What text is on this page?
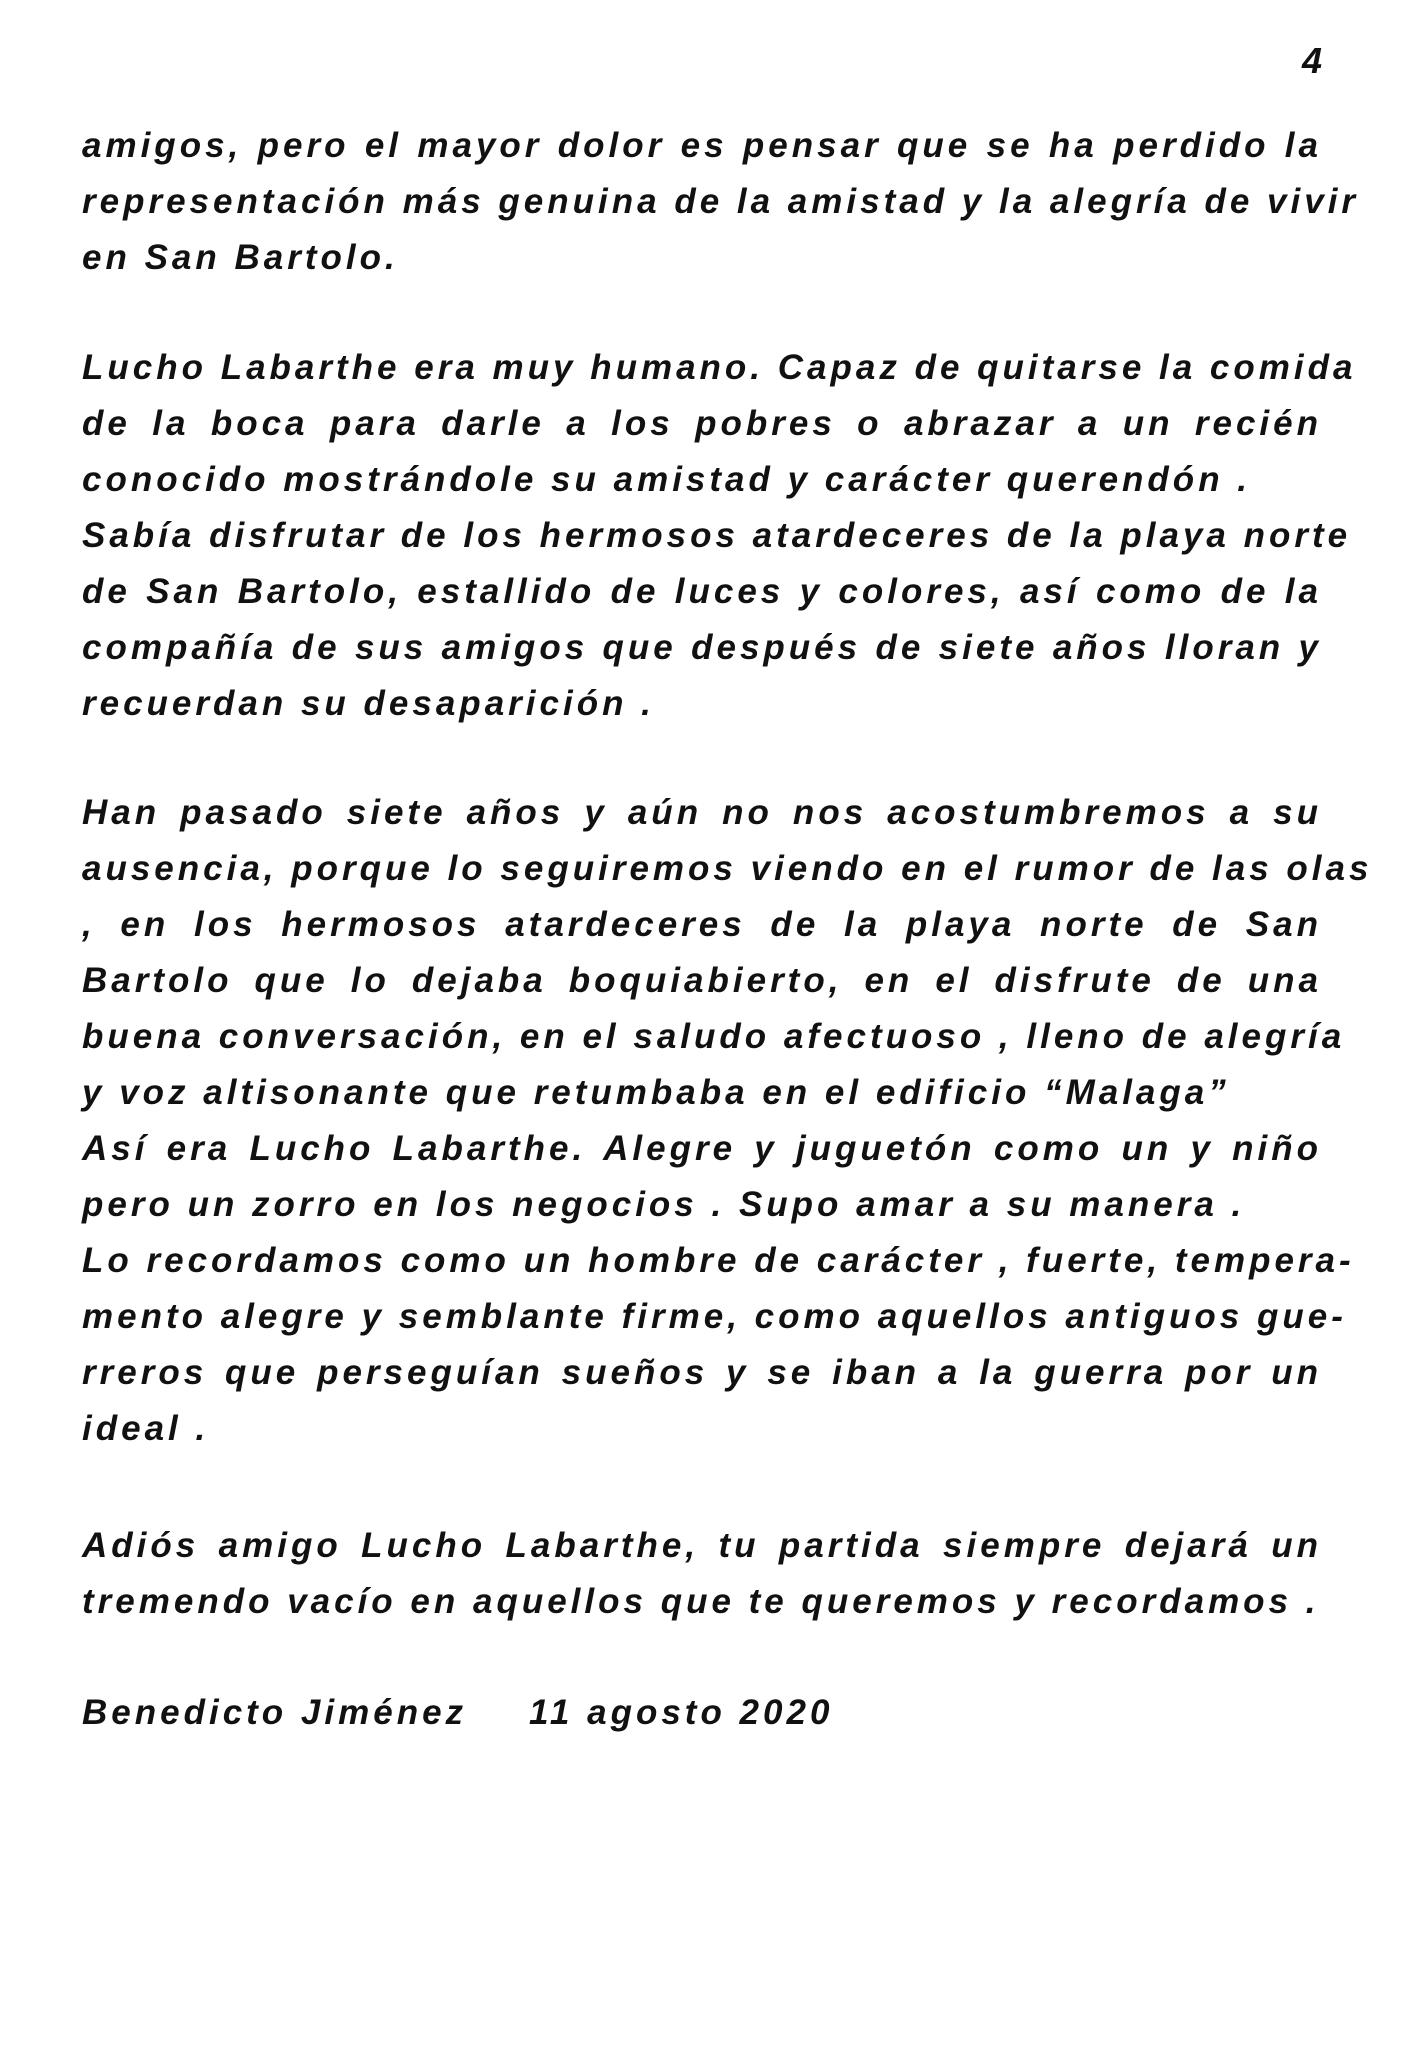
4
amigos, pero el mayor dolor es pensar que se ha perdido la
representación más genuina de la amistad y la alegría de vivir
en San Bartolo.
Lucho Labarthe era muy humano. Capaz de quitarse la comida
de la boca para darle a los pobres o abrazar a un recién
conocido mostrándole su amistad y carácter querendón .
Sabía disfrutar de los hermosos atardeceres de la playa norte
de San Bartolo, estallido de luces y colores, así como de la
compañía de sus amigos que después de siete años lloran y
recuerdan su desaparición .
Han pasado siete años y aún no nos acostumbremos a su
ausencia, porque lo seguiremos viendo en el rumor de las olas
, en los hermosos atardeceres de la playa norte de San
Bartolo que lo dejaba boquiabierto, en el disfrute de una
buena conversación, en el saludo afectuoso , lleno de alegría
y voz altisonante que retumbaba en el edificio “Malaga”
Así era Lucho Labarthe. Alegre y juguetón como un y niño
pero un zorro en los negocios . Supo amar a su manera .
Lo recordamos como un hombre de carácter , fuerte, tempera-
mento alegre y semblante firme, como aquellos antiguos gue-
rreros que perseguían sueños y se iban a la guerra por un
ideal .
Adiós amigo Lucho Labarthe, tu partida siempre dejará un
tremendo vacío en aquellos que te queremos y recordamos .
Benedicto Jiménez 11 agosto 2020
